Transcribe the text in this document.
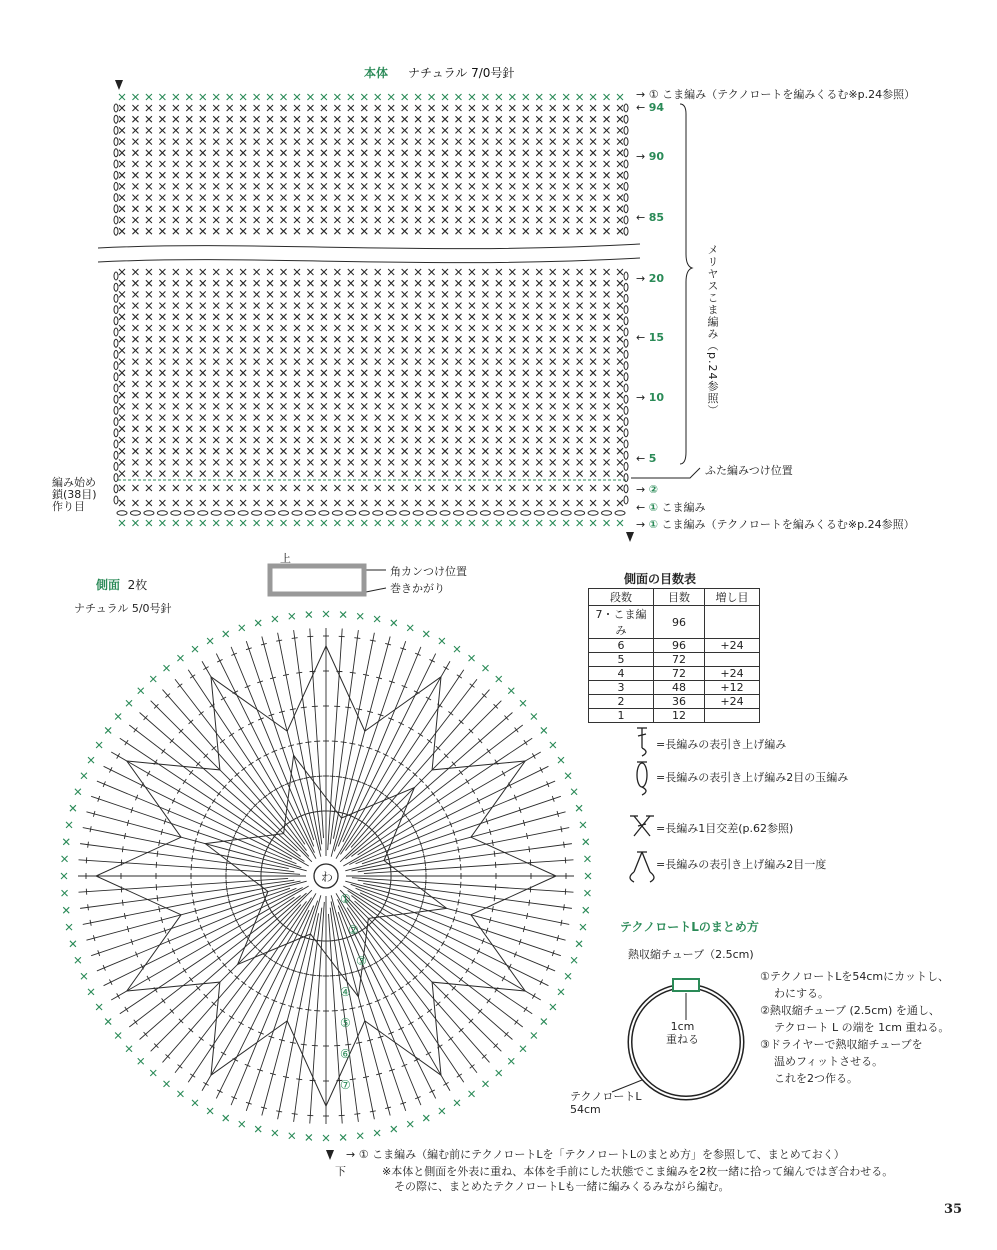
わ
①
②
③
④
⑤
⑥
⑦
本体 ナチュラル 7/0号針
→ ① こま編み（テクノロートを編みくるむ※p.24参照）
← 94
→ 90
← 85
→ 20
← 15
→ 10
← 5
ふた編みつけ位置
→ ②
← ① こま編み
→ ① こま編み（テクノロートを編みくるむ※p.24参照）
メリヤスこま編み（p.24参照）
編み始め
鎖(38目)
作り目
側面 2枚
ナチュラル 5/0号針
上
角カンつけ位置
巻きかがり
下
側面の目数表
段数	目数	増し目
7・こま編み	96	
6	96	+24
5	72	
4	72	+24
3	48	+12
2	36	+24
1	12	
=長編みの表引き上げ編み
=長編みの表引き上げ編み2目の玉編み
=長編み1目交差(p.62参照)
=長編みの表引き上げ編み2目一度
テクノロートLのまとめ方
熱収縮チューブ（2.5cm)
1cm
重ねる
テクノロートL
54cm
①テクノロートLを54cmにカットし、
わにする。
②熱収縮チューブ (2.5cm) を通し、
テクロート L の端を 1cm 重ねる。
③ドライヤーで熱収縮チューブを
温めフィットさせる。
これを2つ作る。
→ ① こま編み（編む前にテクノロートLを「テクノロートLのまとめ方」を参照して、まとめておく）
※本体と側面を外表に重ね、本体を手前にした状態でこま編みを2枚一緒に拾って編んではぎ合わせる。
その際に、まとめたテクノロートLも一緒に編みくるみながら編む。
35
